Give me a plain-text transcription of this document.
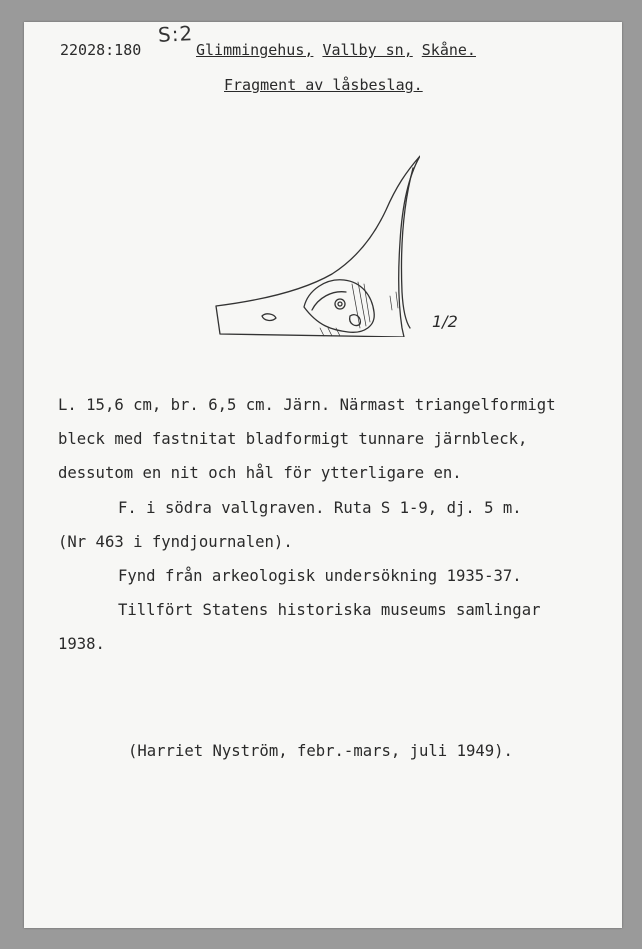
S:2
22028:180	Glimmingehus, Vallby sn, Skåne.
Fragment av låsbeslag.
1/2
L. 15,6 cm, br. 6,5 cm. Järn. Närmast triangelformigt
bleck med fastnitat bladformigt tunnare järnbleck,
dessutom en nit och hål för ytterligare en.
F. i södra vallgraven. Ruta S 1-9, dj. 5 m.
(Nr 463 i fyndjournalen).
Fynd från arkeologisk undersökning 1935-37.
Tillfört Statens historiska museums samlingar
1938.
(Harriet Nyström, febr.-mars, juli 1949).
